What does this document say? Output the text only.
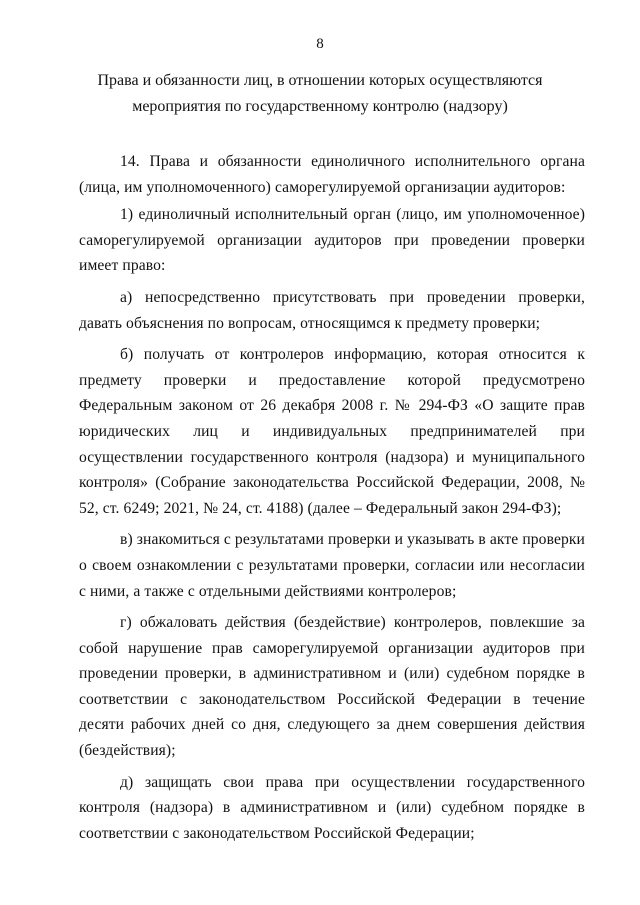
8
Права и обязанности лиц, в отношении которых осуществляются
мероприятия по государственному контролю (надзору)

14. Права и обязанности единоличного исполнительного органа (лица, им уполномоченного) саморегулируемой организации аудиторов:

1) единоличный исполнительный орган (лицо, им уполномоченное) саморегулируемой организации аудиторов при проведении проверки имеет право:

а) непосредственно присутствовать при проведении проверки, давать объяснения по вопросам, относящимся к предмету проверки;

б) получать от контролеров информацию, которая относится к предмету проверки и предоставление которой предусмотрено Федеральным законом от 26 декабря 2008 г. № 294-ФЗ «О защите прав юридических лиц и индивидуальных предпринимателей при осуществлении государственного контроля (надзора) и муниципального контроля» (Собрание законодательства Российской Федерации, 2008, № 52, ст. 6249; 2021, № 24, ст. 4188) (далее – Федеральный закон 294-ФЗ);

в) знакомиться с результатами проверки и указывать в акте проверки о своем ознакомлении с результатами проверки, согласии или несогласии с ними, а также с отдельными действиями контролеров;

г) обжаловать действия (бездействие) контролеров, повлекшие за собой нарушение прав саморегулируемой организации аудиторов при проведении проверки, в административном и (или) судебном порядке в соответствии с законодательством Российской Федерации в течение десяти рабочих дней со дня, следующего за днем совершения действия (бездействия);

д) защищать свои права при осуществлении государственного контроля (надзора) в административном и (или) судебном порядке в соответствии с законодательством Российской Федерации;
